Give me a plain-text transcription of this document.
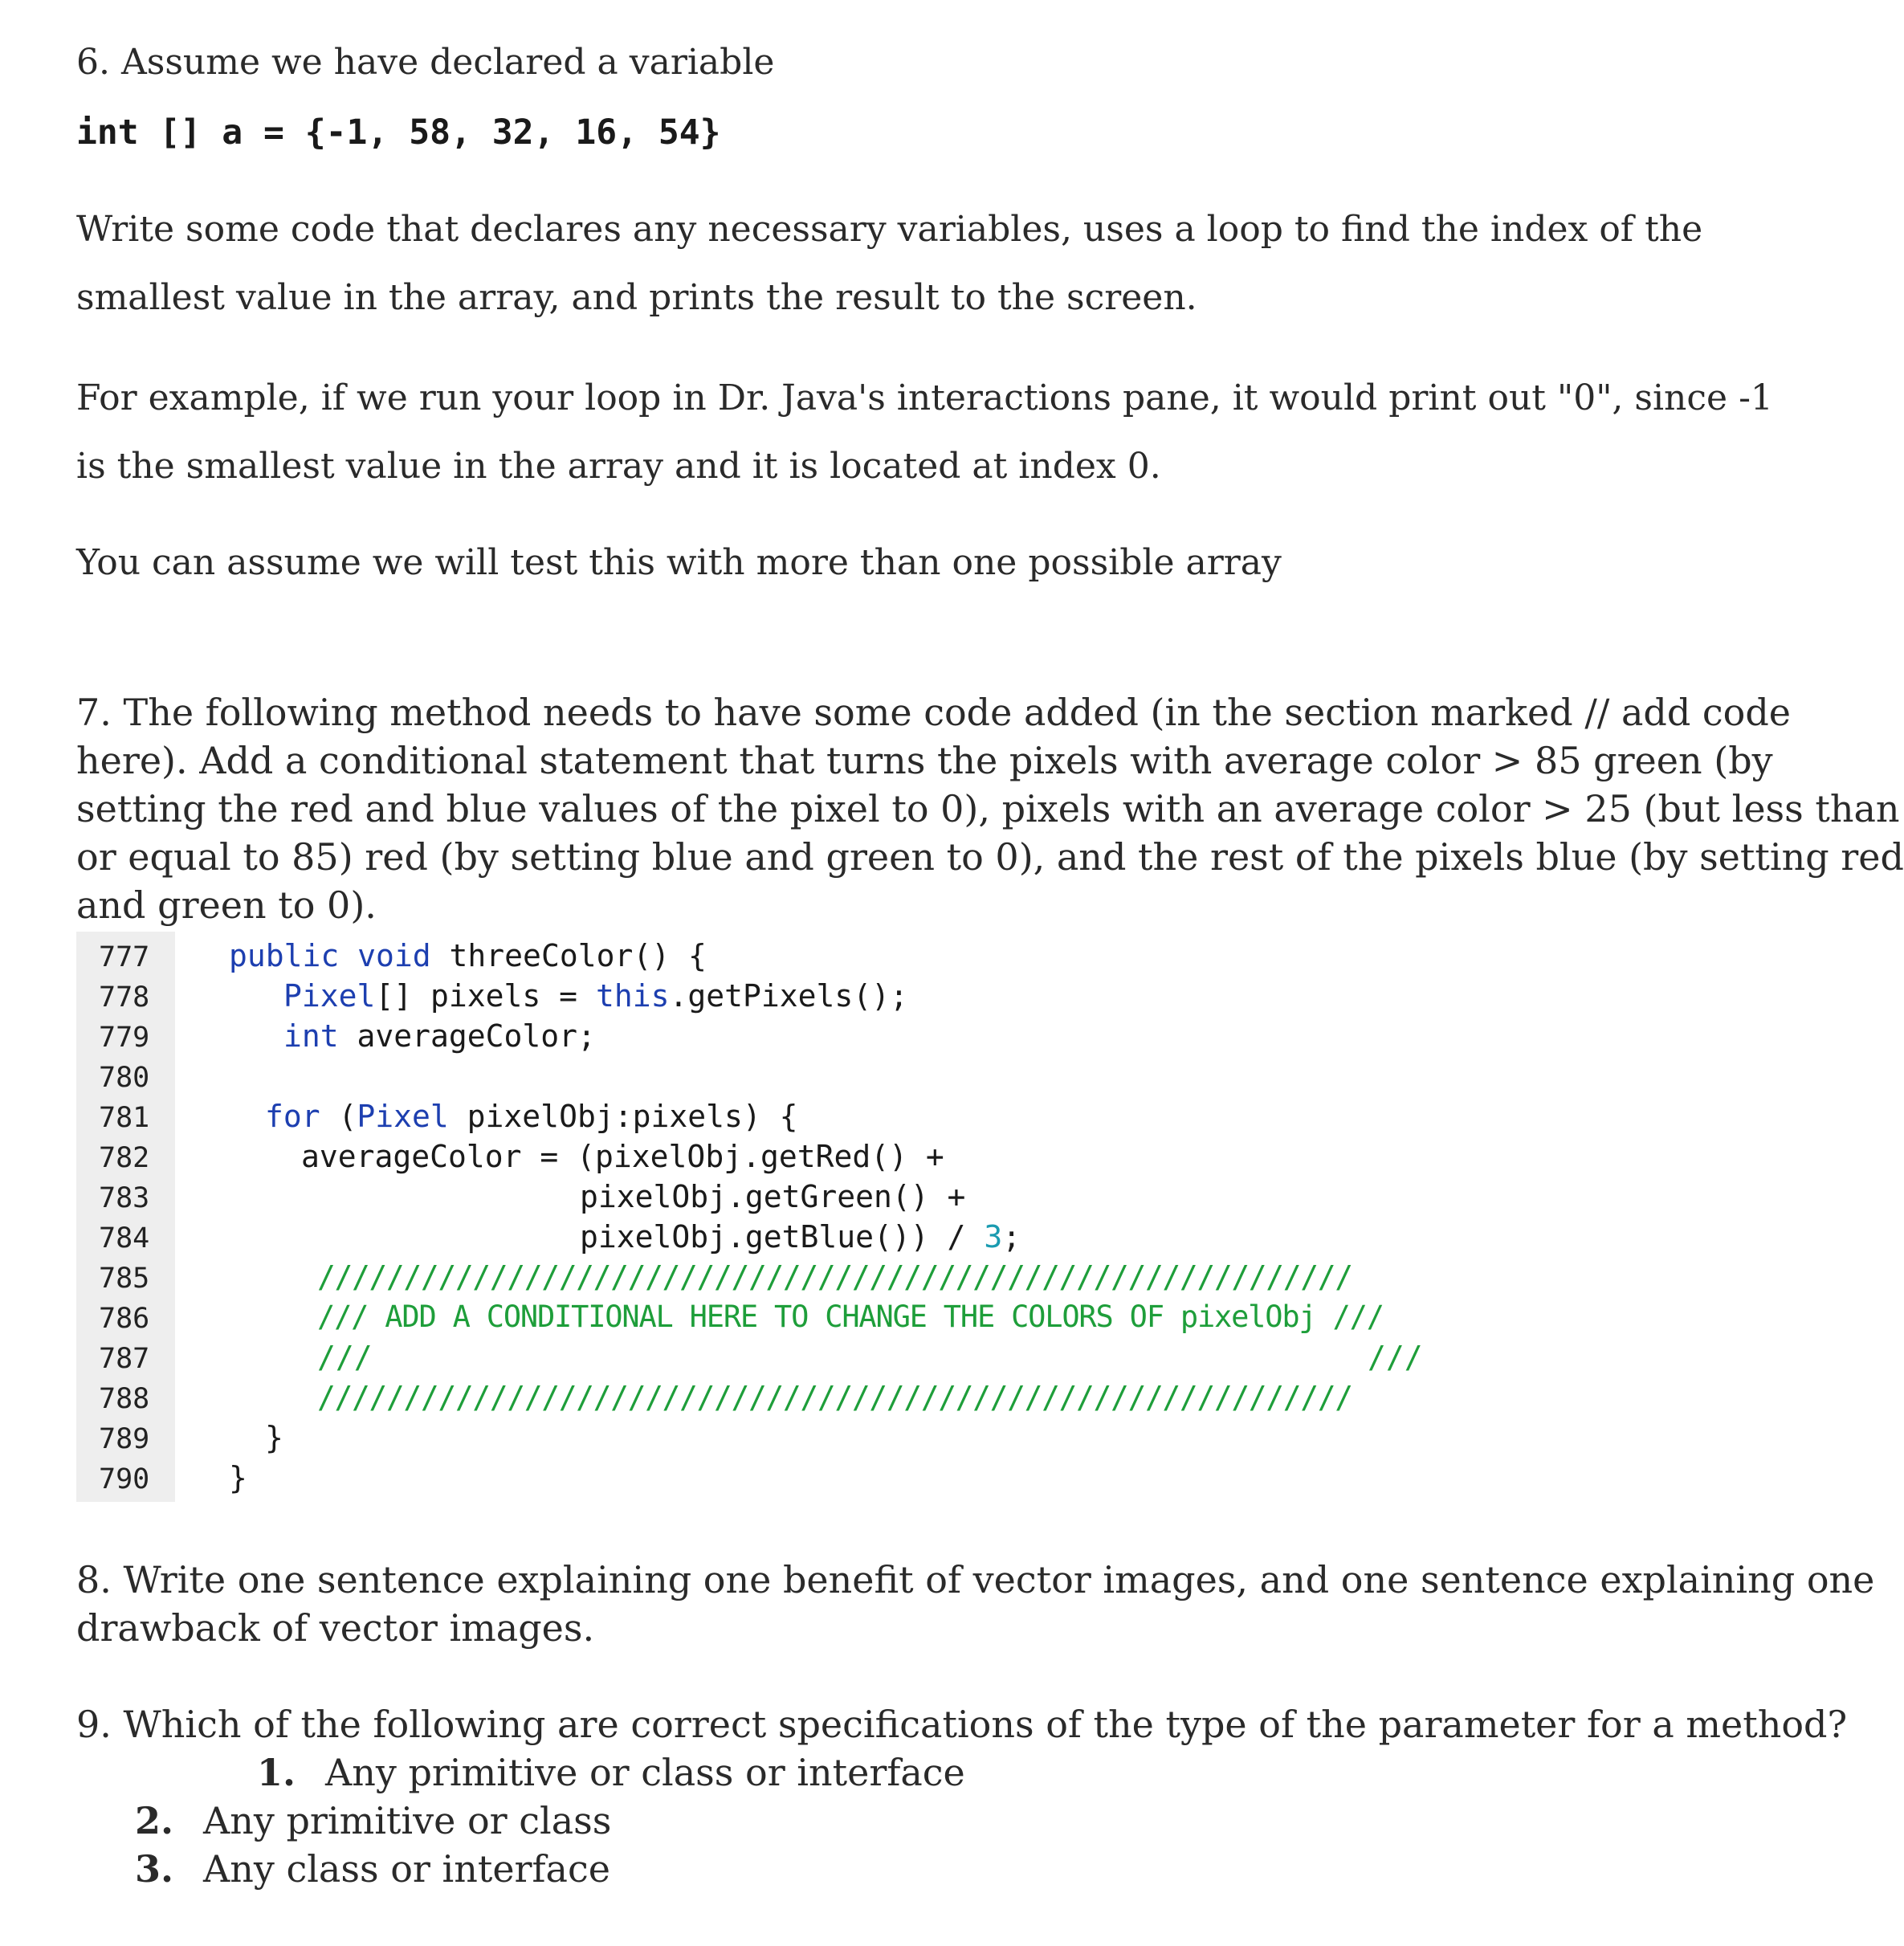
6. Assume we have declared a variable
int [] a = {-1, 58, 32, 16, 54}
Write some code that declares any necessary variables, uses a loop to find the index of the
smallest value in the array, and prints the result to the screen.
For example, if we run your loop in Dr. Java's interactions pane, it would print out "0", since -1
is the smallest value in the array and it is located at index 0.
You can assume we will test this with more than one possible array
7. The following method needs to have some code added (in the section marked // add code
here). Add a conditional statement that turns the pixels with average color > 85 green (by
setting the red and blue values of the pixel to 0), pixels with an average color > 25 (but less than
or equal to 85) red (by setting blue and green to 0), and the rest of the pixels blue (by setting red
and green to 0).
777
778
779
780
781
782
783
784
785
786
787
788
789
790
public void threeColor() {
Pixel[] pixels = this.getPixels();
int averageColor;
for (Pixel pixelObj:pixels) {
averageColor = (pixelObj.getRed() +
pixelObj.getGreen() +
pixelObj.getBlue()) / 3;
////////////////////////////////////////////////////////////
/// ADD A CONDITIONAL HERE TO CHANGE THE COLORS OF pixelObj ///
///	///
////////////////////////////////////////////////////////////
}
}
8. Write one sentence explaining one benefit of vector images, and one sentence explaining one
drawback of vector images.
9. Which of the following are correct specifications of the type of the parameter for a method?
1. Any primitive or class or interface
2. Any primitive or class
3. Any class or interface
